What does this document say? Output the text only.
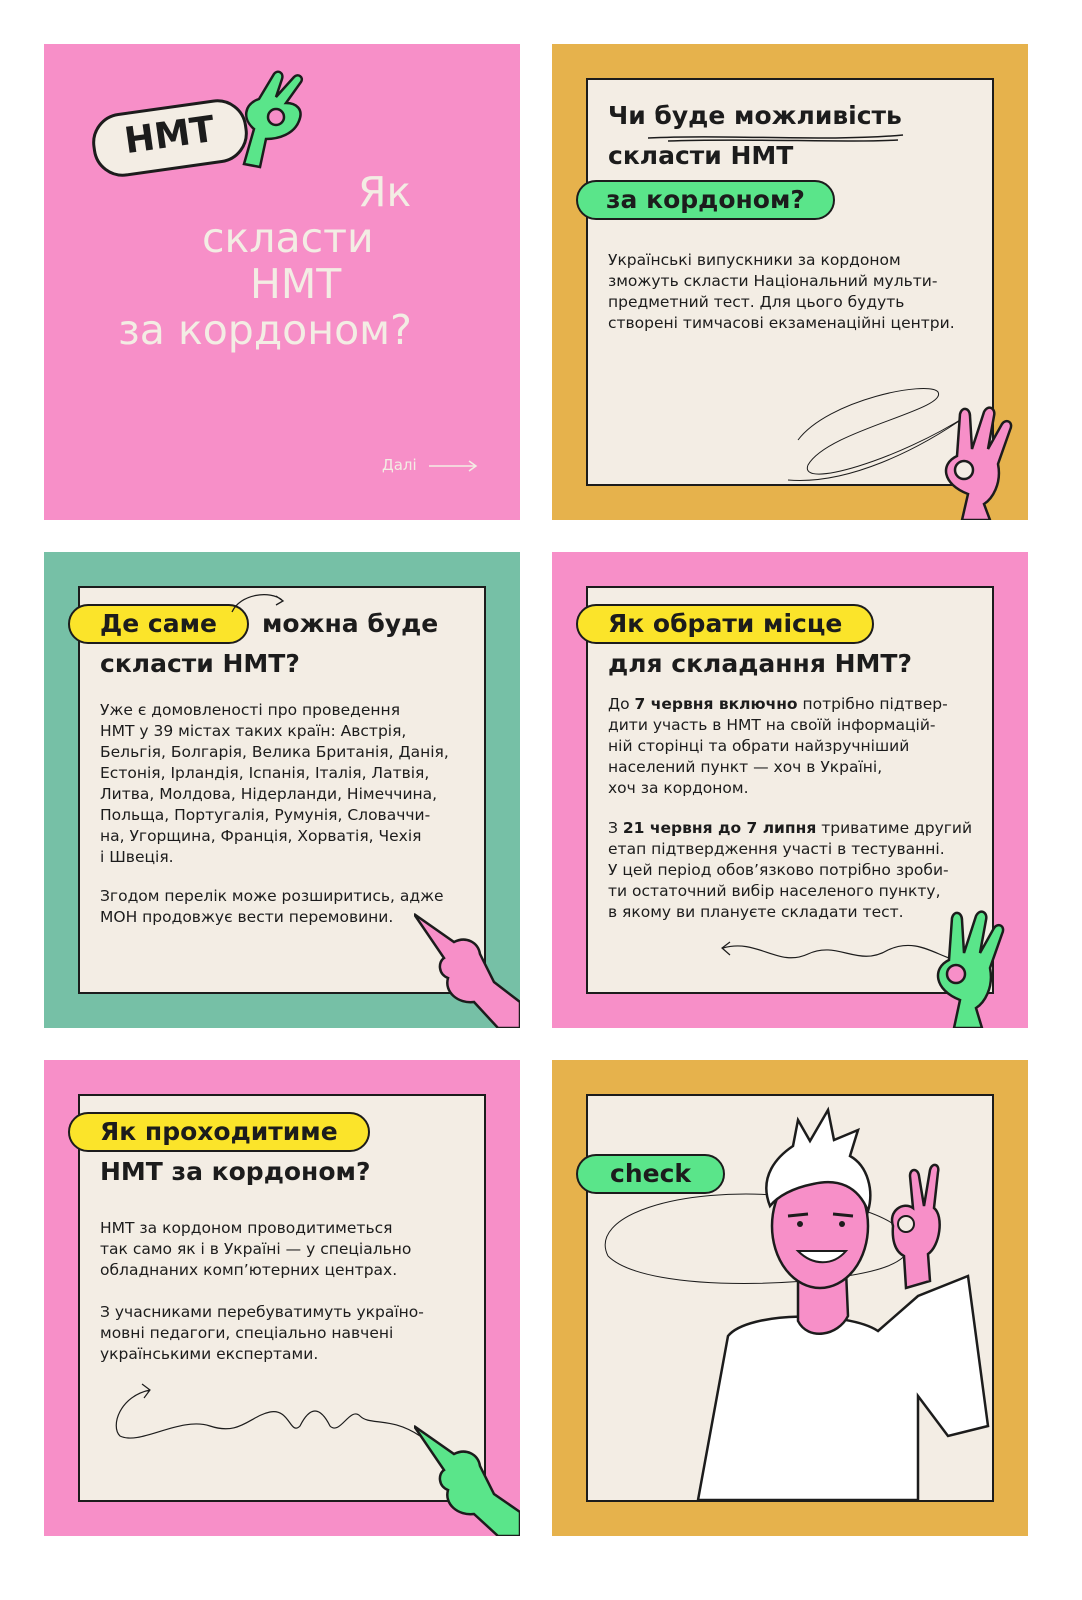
НМТ
Як
скласти
НМТ
за кордоном?
Далі
Чи буде можливість
скласти НМТ
за кордоном?
Українські випускники за кордоном
зможуть скласти Національний мульти-
предметний тест. Для цього будуть
створені тимчасові екзаменаційні центри.
Де саме	можна буде
скласти НМТ?
Уже є домовленості про проведення
НМТ у 39 містах таких країн: Австрія,
Бельгія, Болгарія, Велика Британія, Данія,
Естонія, Ірландія, Іспанія, Італія, Латвія,
Литва, Молдова, Нідерланди, Німеччина,
Польща, Португалія, Румунія, Словаччи-
на, Угорщина, Франція, Хорватія, Чехія
і Швеція.
Згодом перелік може розширитись, адже
МОН продовжує вести перемовини.
Як обрати місце
для складання НМТ?
До 7 червня включно потрібно підтвер-
дити участь в НМТ на своїй інформацій-
ній сторінці та обрати найзручніший
населений пункт — хоч в Україні,
хоч за кордоном.
З 21 червня до 7 липня триватиме другий
етап підтвердження участі в тестуванні.
У цей період обов’язково потрібно зроби-
ти остаточний вибір населеного пункту,
в якому ви плануєте складати тест.
Як проходитиме
НМТ за кордоном?
НМТ за кордоном проводитиметься
так само як і в Україні — у спеціально
обладнаних комп’ютерних центрах.
З учасниками перебуватимуть україно-
мовні педагоги, спеціально навчені
українськими експертами.
check
